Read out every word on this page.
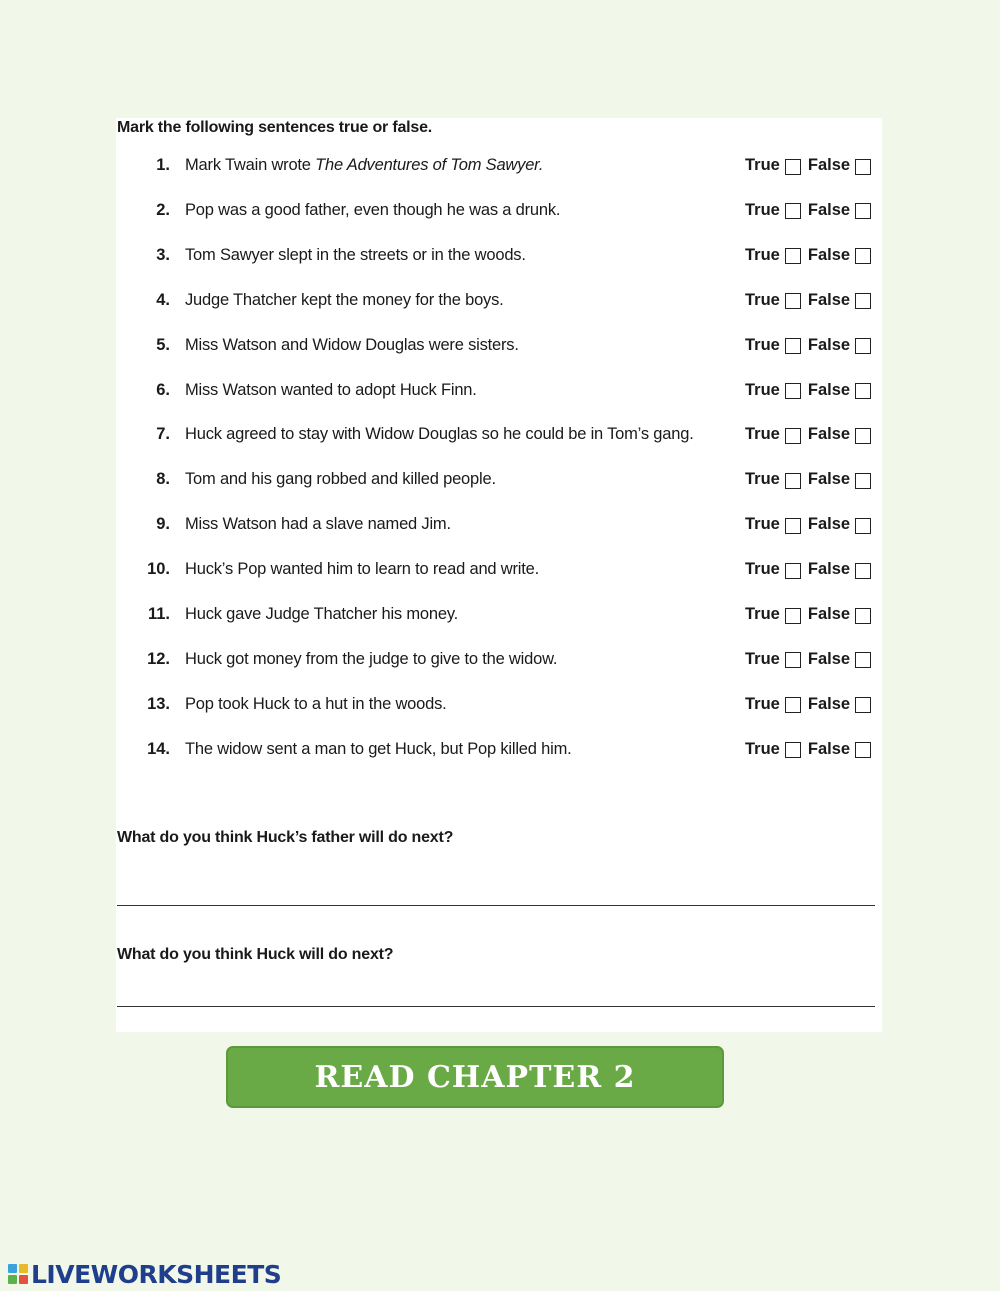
Mark the following sentences true or false.
1. Mark Twain wrote The Adventures of Tom Sawyer.	True False
2. Pop was a good father, even though he was a drunk.	True False
3. Tom Sawyer slept in the streets or in the woods.	True False
4. Judge Thatcher kept the money for the boys.	True False
5. Miss Watson and Widow Douglas were sisters.	True False
6. Miss Watson wanted to adopt Huck Finn.	True False
7. Huck agreed to stay with Widow Douglas so he could be in Tom’s gang.	True False
8. Tom and his gang robbed and killed people.	True False
9. Miss Watson had a slave named Jim.	True False
10. Huck’s Pop wanted him to learn to read and write.	True False
11. Huck gave Judge Thatcher his money.	True False
12. Huck got money from the judge to give to the widow.	True False
13. Pop took Huck to a hut in the woods.	True False
14. The widow sent a man to get Huck, but Pop killed him.	True False
What do you think Huck’s father will do next?
What do you think Huck will do next?
READ CHAPTER 2
LIVEWORKSHEETS
